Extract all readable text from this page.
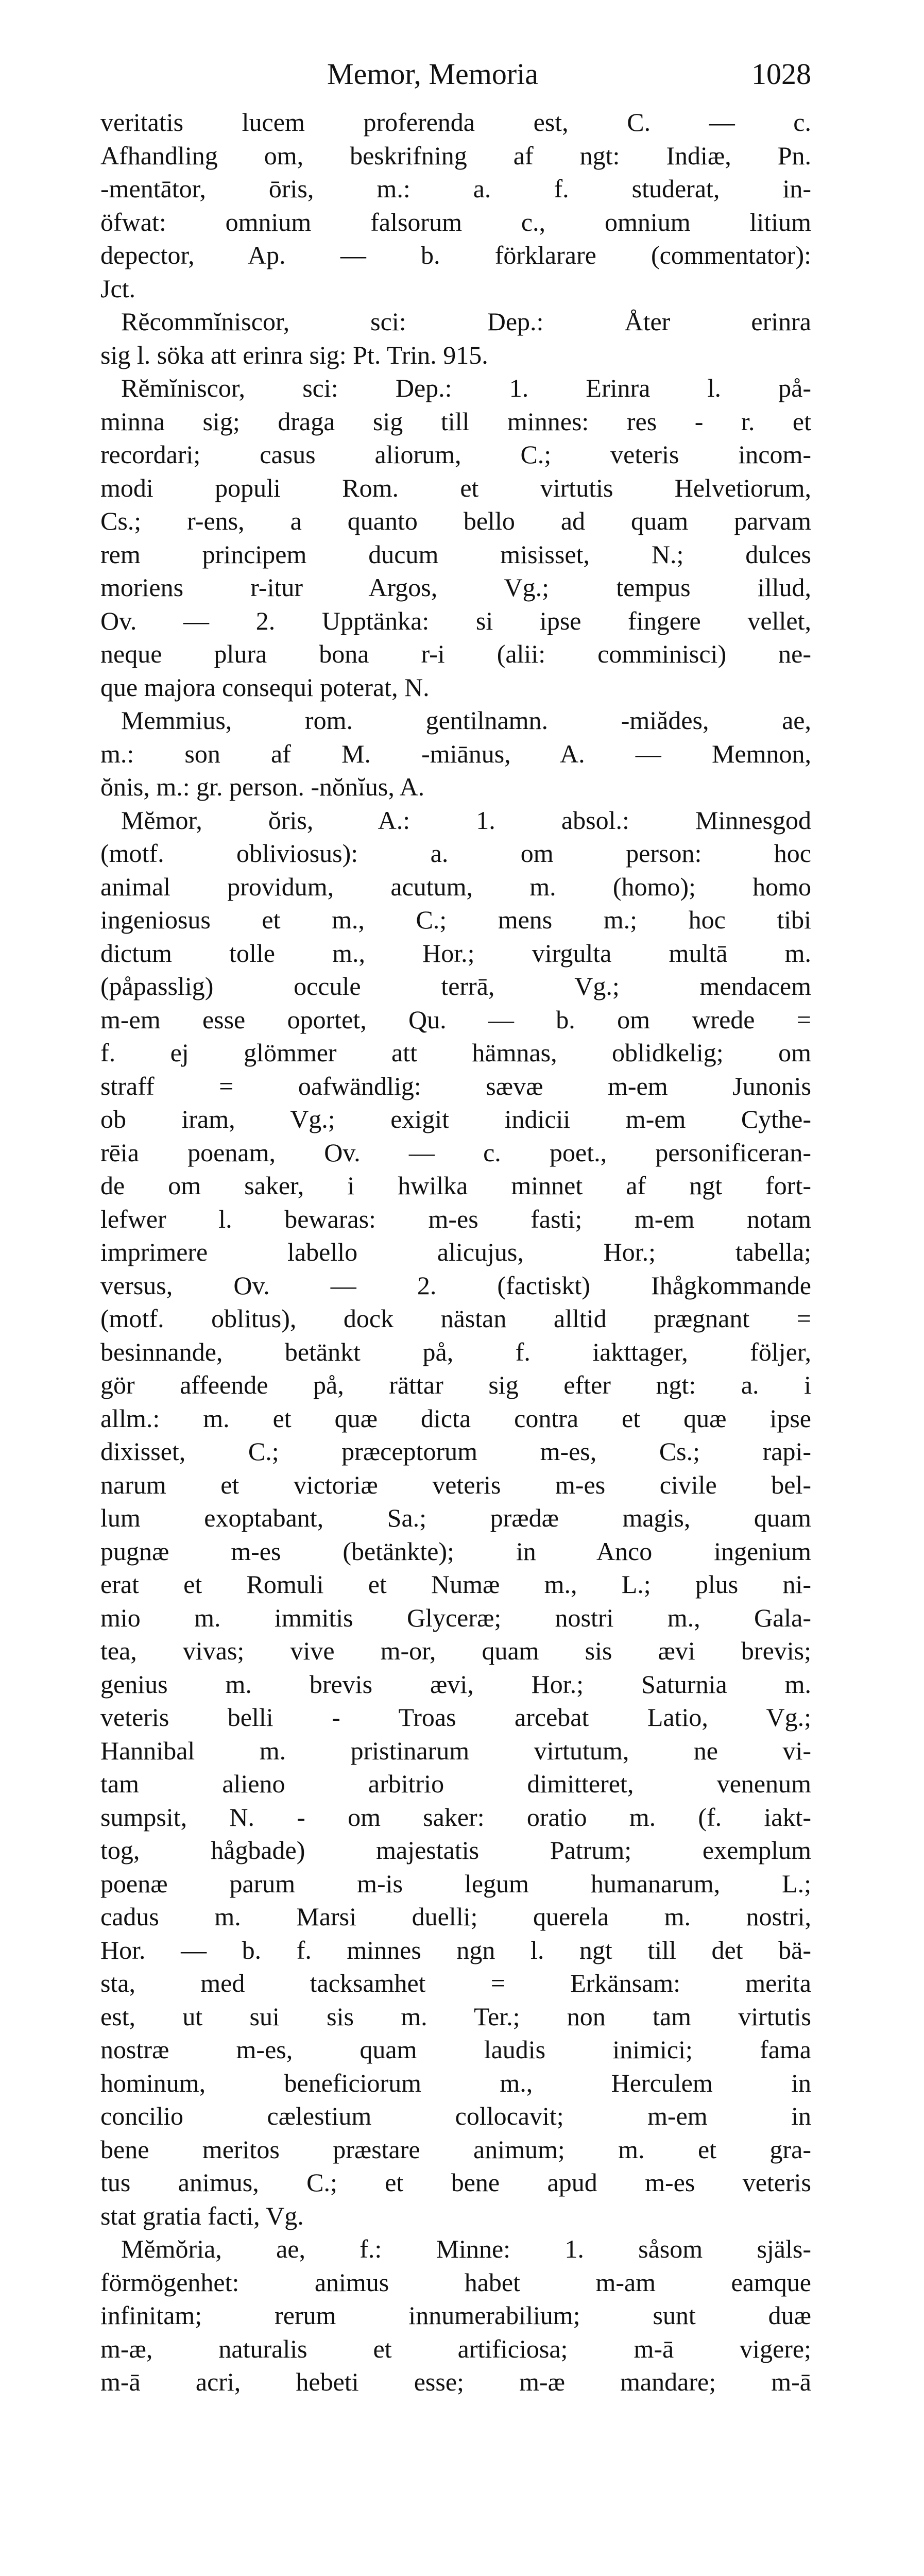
Memor, Memoria	1028
veritatis lucem proferenda est, C. — c.
Afhandling om, beskrifning af ngt: Indiæ, Pn.
-mentātor, ōris, m.: a. f. studerat, in-
öfwat: omnium falsorum c., omnium litium
depector, Ap. — b. förklarare (commentator):
Jct.
Rĕcommĭniscor, sci: Dep.: Åter erinra
sig l. söka att erinra sig: Pt. Trin. 915.
Rĕmĭniscor, sci: Dep.: 1. Erinra l. på-
minna sig; draga sig till minnes: res - r. et
recordari; casus aliorum, C.; veteris incom-
modi populi Rom. et virtutis Helvetiorum,
Cs.; r-ens, a quanto bello ad quam parvam
rem principem ducum misisset, N.; dulces
moriens r-itur Argos, Vg.; tempus illud,
Ov. — 2. Upptänka: si ipse fingere vellet,
neque plura bona r-i (alii: comminisci) ne-
que majora consequi poterat, N.
Memmius, rom. gentilnamn. -miădes, ae,
m.: son af M. -miānus, A. — Memnon,
ŏnis, m.: gr. person. -nŏnĭus, A.
Mĕmor, ŏris, A.: 1. absol.: Minnesgod
(motf. obliviosus): a. om person: hoc
animal providum, acutum, m. (homo); homo
ingeniosus et m., C.; mens m.; hoc tibi
dictum tolle m., Hor.; virgulta multā m.
(påpasslig) occule terrā, Vg.; mendacem
m-em esse oportet, Qu. — b. om wrede =
f. ej glömmer att hämnas, oblidkelig; om
straff = oafwändlig: sævæ m-em Junonis
ob iram, Vg.; exigit indicii m-em Cythe-
rēia poenam, Ov. — c. poet., personificeran-
de om saker, i hwilka minnet af ngt fort-
lefwer l. bewaras: m-es fasti; m-em notam
imprimere labello alicujus, Hor.; tabella;
versus, Ov. — 2. (factiskt) Ihågkommande
(motf. oblitus), dock nästan alltid prægnant =
besinnande, betänkt på, f. iakttager, följer,
gör affeende på, rättar sig efter ngt: a. i
allm.: m. et quæ dicta contra et quæ ipse
dixisset, C.; præceptorum m-es, Cs.; rapi-
narum et victoriæ veteris m-es civile bel-
lum exoptabant, Sa.; prædæ magis, quam
pugnæ m-es (betänkte); in Anco ingenium
erat et Romuli et Numæ m., L.; plus ni-
mio m. immitis Glyceræ; nostri m., Gala-
tea, vivas; vive m-or, quam sis ævi brevis;
genius m. brevis ævi, Hor.; Saturnia m.
veteris belli - Troas arcebat Latio, Vg.;
Hannibal m. pristinarum virtutum, ne vi-
tam alieno arbitrio dimitteret, venenum
sumpsit, N. - om saker: oratio m. (f. iakt-
tog, hågbade) majestatis Patrum; exemplum
poenæ parum m-is legum humanarum, L.;
cadus m. Marsi duelli; querela m. nostri,
Hor. — b. f. minnes ngn l. ngt till det bä-
sta, med tacksamhet = Erkänsam: merita
est, ut sui sis m. Ter.; non tam virtutis
nostræ m-es, quam laudis inimici; fama
hominum, beneficiorum m., Herculem in
concilio cælestium collocavit; m-em in
bene meritos præstare animum; m. et gra-
tus animus, C.; et bene apud m-es veteris
stat gratia facti, Vg.
Mĕmŏria, ae, f.: Minne: 1. såsom själs-
förmögenhet: animus habet m-am eamque
infinitam; rerum innumerabilium; sunt duæ
m-æ, naturalis et artificiosa; m-ā vigere;
m-ā acri, hebeti esse; m-æ mandare; m-ā
